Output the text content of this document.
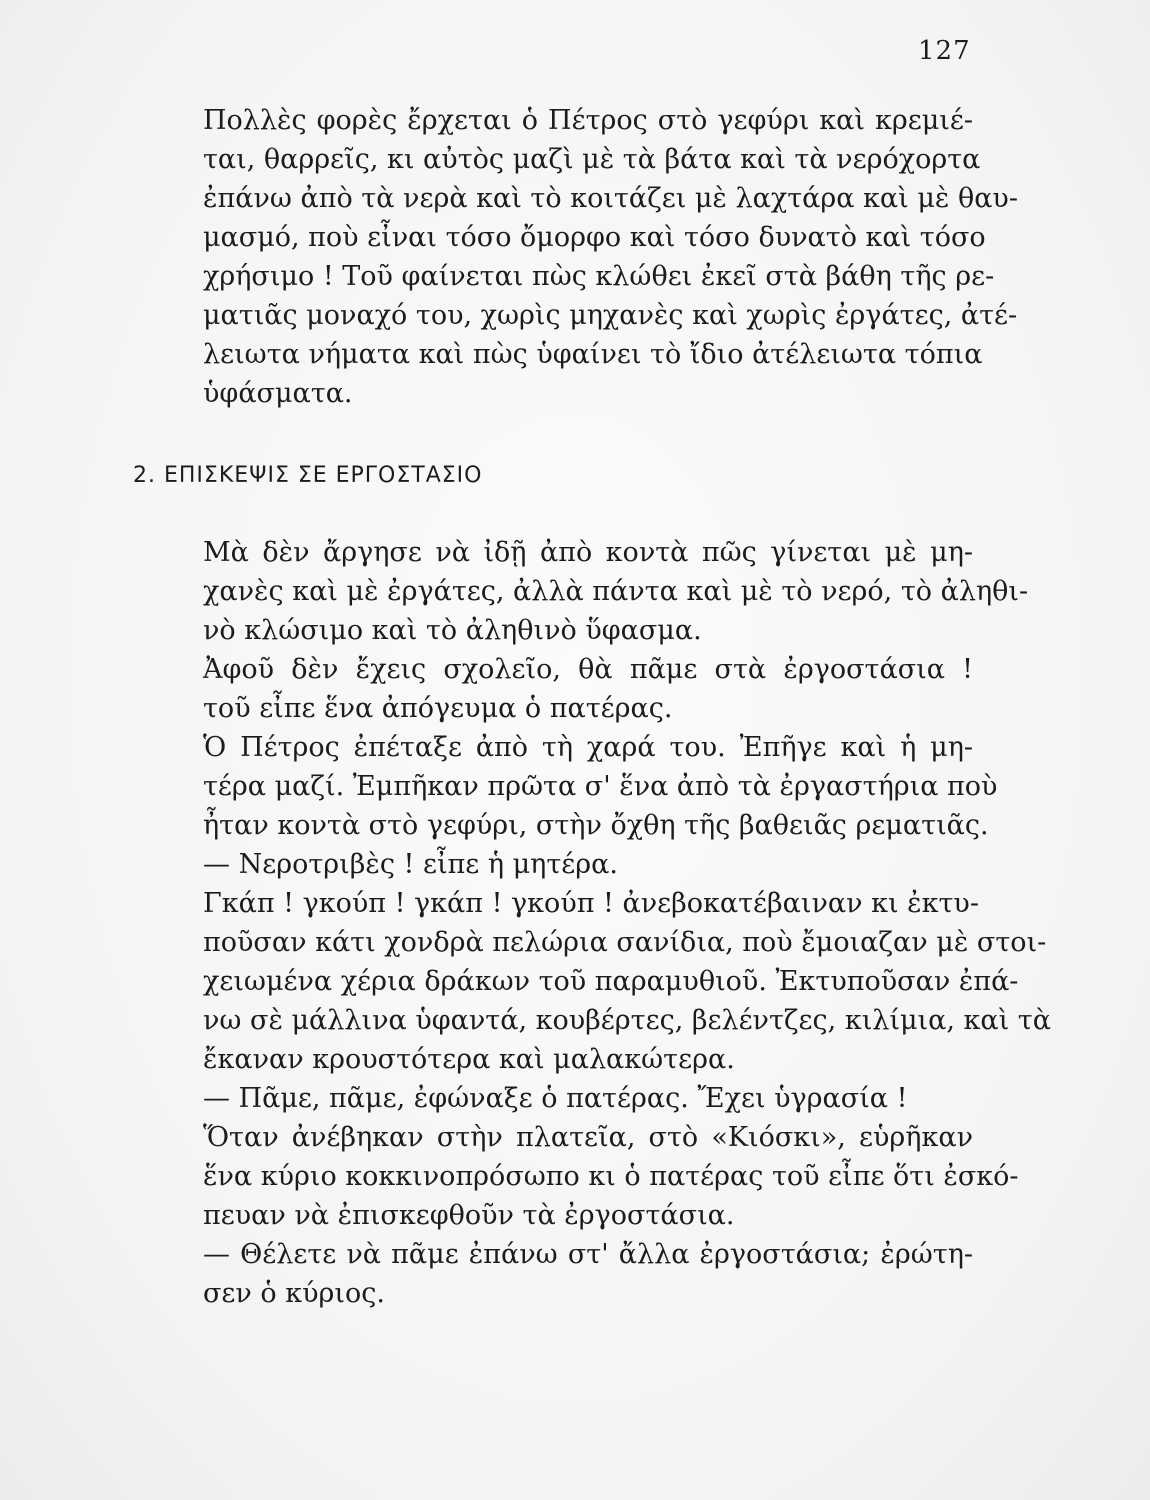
127
Πολλὲς φορὲς ἔρχεται ὁ Πέτρος στὸ γεφύρι καὶ κρεμιέ-
ται, θαρρεῖς, κι αὐτὸς μαζὶ μὲ τὰ βάτα καὶ τὰ νερόχορτα
ἐπάνω ἀπὸ τὰ νερὰ καὶ τὸ κοιτάζει μὲ λαχτάρα καὶ μὲ θαυ-
μασμό, ποὺ εἶναι τόσο ὄμορφο καὶ τόσο δυνατὸ καὶ τόσο
χρήσιμο ! Τοῦ φαίνεται πὼς κλώθει ἐκεῖ στὰ βάθη τῆς ρε-
ματιᾶς μοναχό του, χωρὶς μηχανὲς καὶ χωρὶς ἐργάτες, ἀτέ-
λειωτα νήματα καὶ πὼς ὑφαίνει τὸ ἴδιο ἀτέλειωτα τόπια
ὑφάσματα.
2. ΕΠΙΣΚΕΨΙΣ ΣΕ ΕΡΓΟΣΤΑΣΙΟ
Μὰ δὲν ἄργησε νὰ ἰδῇ ἀπὸ κοντὰ πῶς γίνεται μὲ μη-
χανὲς καὶ μὲ ἐργάτες, ἀλλὰ πάντα καὶ μὲ τὸ νερό, τὸ ἀληθι-
νὸ κλώσιμο καὶ τὸ ἀληθινὸ ὕφασμα.
Ἀφοῦ δὲν ἔχεις σχολεῖο, θὰ πᾶμε στὰ ἐργοστάσια !
τοῦ εἶπε ἕνα ἀπόγευμα ὁ πατέρας.
Ὁ Πέτρος ἐπέταξε ἀπὸ τὴ χαρά του. Ἐπῆγε καὶ ἡ μη-
τέρα μαζί. Ἐμπῆκαν πρῶτα σ' ἕνα ἀπὸ τὰ ἐργαστήρια ποὺ
ἦταν κοντὰ στὸ γεφύρι, στὴν ὄχθη τῆς βαθειᾶς ρεματιᾶς.
— Νεροτριβὲς ! εἶπε ἡ μητέρα.
Γκάπ ! γκούπ ! γκάπ ! γκούπ ! ἀνεβοκατέβαιναν κι ἐκτυ-
ποῦσαν κάτι χονδρὰ πελώρια σανίδια, ποὺ ἔμοιαζαν μὲ στοι-
χειωμένα χέρια δράκων τοῦ παραμυθιοῦ. Ἐκτυποῦσαν ἐπά-
νω σὲ μάλλινα ὑφαντά, κουβέρτες, βελέντζες, κιλίμια, καὶ τὰ
ἔκαναν κρουστότερα καὶ μαλακώτερα.
— Πᾶμε, πᾶμε, ἐφώναξε ὁ πατέρας. Ἔχει ὑγρασία !
Ὅταν ἀνέβηκαν στὴν πλατεῖα, στὸ «Κιόσκι», εὑρῆκαν
ἕνα κύριο κοκκινοπρόσωπο κι ὁ πατέρας τοῦ εἶπε ὅτι ἐσκό-
πευαν νὰ ἐπισκεφθοῦν τὰ ἐργοστάσια.
— Θέλετε νὰ πᾶμε ἐπάνω στ' ἄλλα ἐργοστάσια; ἐρώτη-
σεν ὁ κύριος.
